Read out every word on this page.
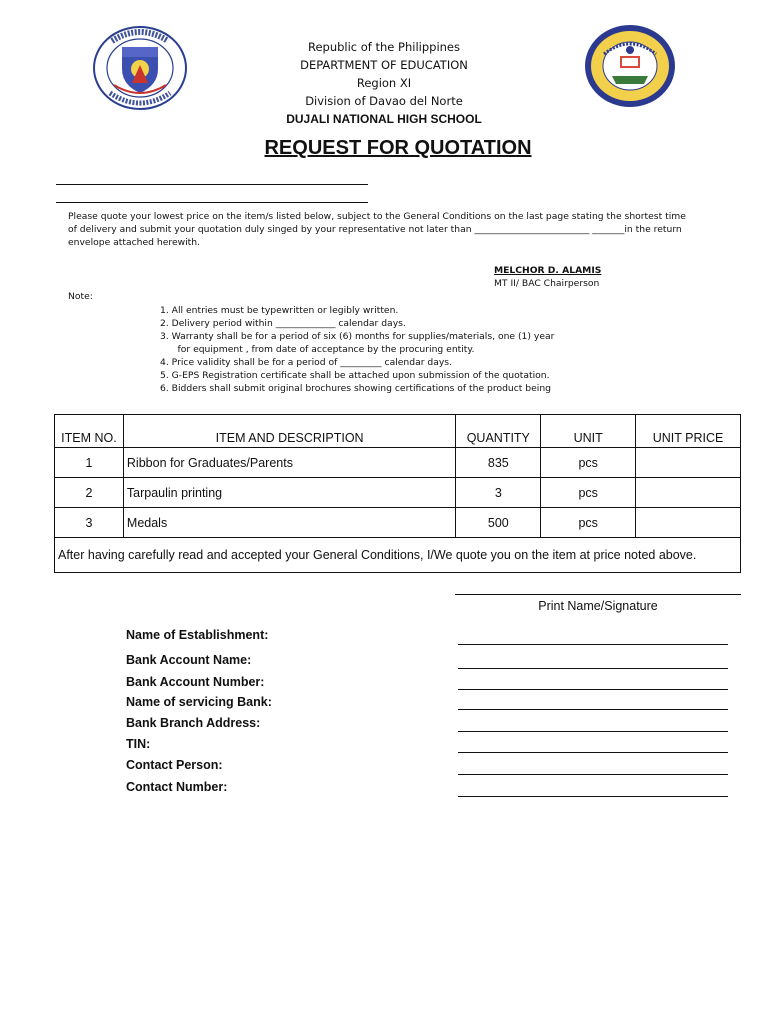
Republic of the Philippines
DEPARTMENT OF EDUCATION
Region XI
Division of Davao del Norte
DUJALI NATIONAL HIGH SCHOOL
REQUEST FOR QUOTATION
Please quote your lowest price on the item/s listed below, subject to the General Conditions on the last page stating the shortest time
of delivery and submit your quotation duly singed by your representative not later than _________________________ _______in the return
envelope attached herewith.
MELCHOR D. ALAMIS
MT II/ BAC Chairperson
Note:
1. All entries must be typewritten or legibly written.
2. Delivery period within _____________ calendar days.
3. Warranty shall be for a period of six (6) months for supplies/materials, one (1) year
for equipment , from date of acceptance by the procuring entity.
4. Price validity shall be for a period of _________ calendar days.
5. G-EPS Registration certificate shall be attached upon submission of the quotation.
6. Bidders shall submit original brochures showing certifications of the product being
ITEM NO.	ITEM AND DESCRIPTION	QUANTITY	UNIT	UNIT PRICE
1	Ribbon for Graduates/Parents	835	pcs	
2	Tarpaulin printing	3	pcs	
3	Medals	500	pcs	
After having carefully read and accepted your General Conditions, I/We quote you on the item at price noted above.				
Print Name/Signature
Name of Establishment:
Bank Account Name:
Bank Account Number:
Name of servicing Bank:
Bank Branch Address:
TIN:
Contact Person:
Contact Number:
